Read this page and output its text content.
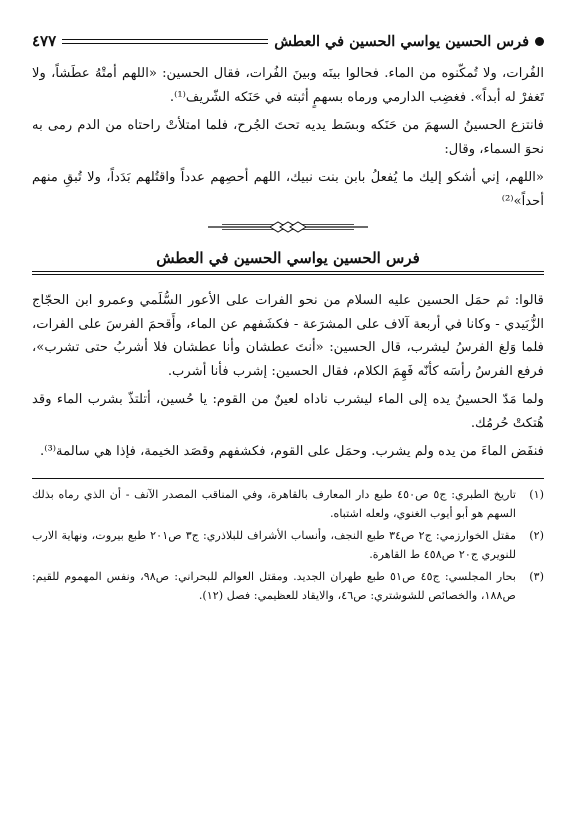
فرس الحسين يواسي الحسين في العطش
٤٧٧

الفُرات، ولا تُمكّنوه من الماء. فحالوا بينَه وبينَ الفُرات، فقال الحسين: «اللهم أمتْهُ عطَشاً، ولا تَغفرْ له أبداً». فغضِب الدارمي ورماه بسهمٍ أثبته في حَنَكه الشّريف⁽¹⁾.

فانتزع الحسينُ السهمَ من حَنَكه وبسَط يديه تحتَ الجُرح، فلما امتلأتْ راحتاه من الدم رمى به نحوَ السماء، وقال:

«اللهم، إني أشكو إليك ما يُفعلُ بابن بنت نبيك، اللهم أحصِهم عدداً واقتُلهم بَدَداً، ولا تُبقِ منهم أحداً»⁽²⁾

فرس الحسين يواسي الحسين في العطش

قالوا: ثم حمَل الحسين عليه السلام من نحو الفرات على الأعور السُّلَمي وعمرو ابن الحجّاج الزُّبَيدي - وكانا في أربعة آلاف على المشرَعة - فكشَفهم عن الماء، وأَقحمَ الفرسَ على الفرات، فلما وَلغ الفرسُ ليشرب، قال الحسين: «أنتَ عطشان وأنا عطشان فلا أشربُ حتى تشرب»، فرفع الفرسُ رأسَه كأنّه فَهِمَ الكلام، فقال الحسين: إشرب فأنا أشرب.

ولما مَدّ الحسينُ يده إلى الماء ليشرب ناداه لعينٌ من القوم: يا حُسين، أتلتذّ بشرب الماء وقد هُتكتْ حُرمُك.

فنفَض الماءَ من يده ولم يشرب. وحمَل على القوم، فكشفهم وقصَد الخيمة، فإذا هي سالمة⁽³⁾.

(١)
تاريخ الطبري: ج٥ ص٤٥٠ طبع دار المعارف بالقاهرة، وفي المناقب المصدر الآنف - أن الذي رماه بذلك السهم هو أبو أيوب الغنوي، ولعله اشتباه.
(٢)
مقتل الخوارزمي: ج٢ ص٣٤ طبع النجف، وأنساب الأشراف للبلاذري: ج٣ ص٢٠١ طبع بيروت، ونهاية الارب للنويري ج٢٠ ص٤٥٨ ط القاهرة.
(٣)
بحار المجلسي: ج٤٥ ص٥١ طبع طهران الجديد. ومقتل العوالم للبحراني: ص٩٨، ونفس المهموم للقيم: ص١٨٨، والخصائص للشوشتري: ص٤٦، والايقاد للعظيمي: فصل (١٢).
